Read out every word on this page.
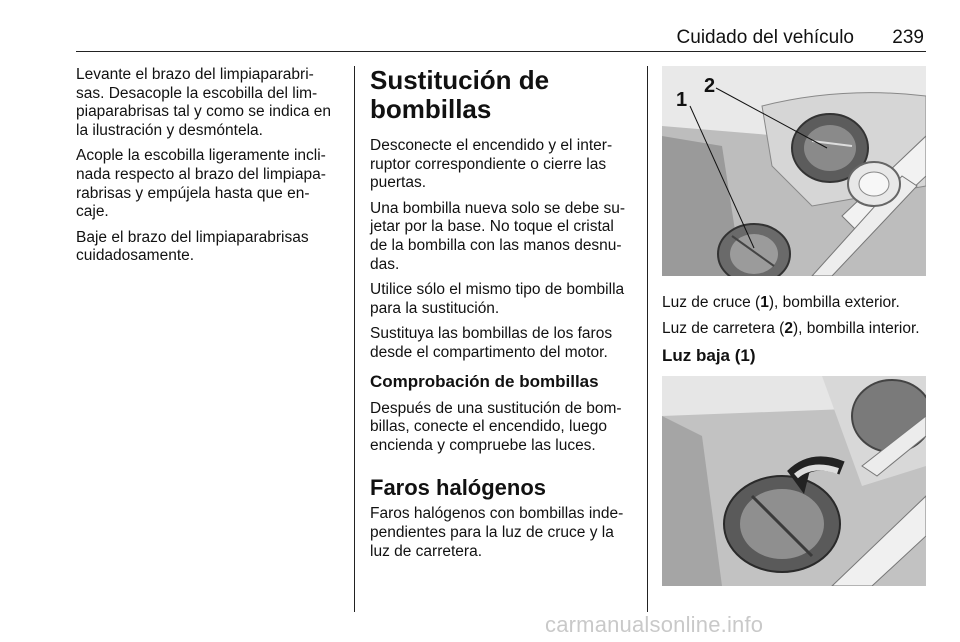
Cuidado del vehículo 239

Levante el brazo del limpiaparabri-sas. Desacople la escobilla del lim-piaparabrisas tal y como se indica en la ilustración y desmóntela.

Acople la escobilla ligeramente incli-nada respecto al brazo del limpiapa-rabrisas y empújela hasta que en-caje.

Baje el brazo del limpiaparabrisas cuidadosamente.

Sustitución de bombillas

Desconecte el encendido y el inter-ruptor correspondiente o cierre las puertas.

Una bombilla nueva solo se debe su-jetar por la base. No toque el cristal de la bombilla con las manos desnu-das.

Utilice sólo el mismo tipo de bombilla para la sustitución.

Sustituya las bombillas de los faros desde el compartimento del motor.

Comprobación de bombillas

Después de una sustitución de bom-billas, conecte el encendido, luego encienda y compruebe las luces.

Faros halógenos

Faros halógenos con bombillas inde-pendientes para la luz de cruce y la luz de carretera.

1
2

Luz de cruce (1), bombilla exterior.

Luz de carretera (2), bombilla interior.

Luz baja (1)
carmanualsonline.info
